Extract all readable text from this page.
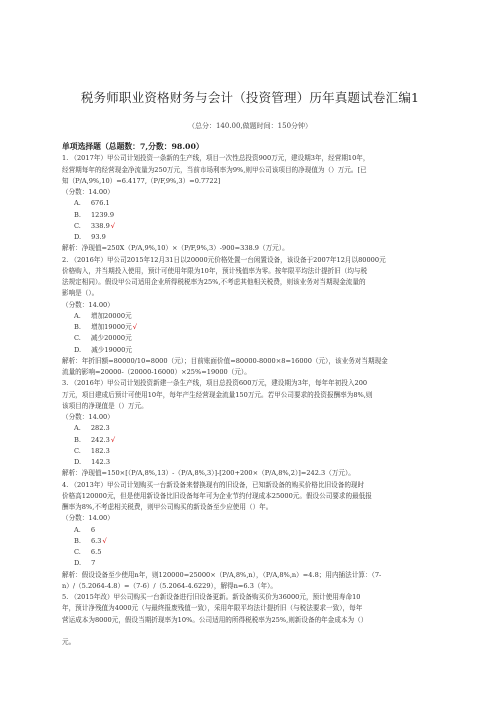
税务师职业资格财务与会计（投资管理）历年真题试卷汇编1
（总分：140.00,做题时间：150分钟）
单项选择题（总题数：7,分数：98.00）
1. （2017年）甲公司计划投资一条新的生产线，项目一次性总投资900万元，建设期3年，经营期10年，
经营期每年的经营现金净流量为250万元，当前市场利率为9%,则甲公司该项目的净现值为（）万元。[已
知（P/A,9%,10）=6.4177,（P/F,9%,3）=0.7722]
（分数：14.00）
A. 676.1
B. 1239.9
C. 338.9√
D. 93.9
解析：净现值=250X（P/A,9%,10）×（P/F,9%,3）-900=338.9（万元）。
2. （2016年）甲公司2015年12月31日以20000元价格处置一台闲置设备，该设备于2007年12月以80000元
价格购入，并当期投入使用，预计可使用年限为10年，预计残值率为零。按年限平均法计提折旧（均与税
法规定相同）。假设甲公司适用企业所得税税率为25%,不考虑其他相关税费，则该业务对当期现金流量的
影响是（）。
（分数：14.00）
A. 增加20000元
B. 增加19000元√
C. 减少20000元
D. 减少19000元
解析：年折旧额=80000/10=8000（元）；目前账面价值=80000-8000×8=16000（元），该业务对当期现金
流量的影响=20000-（20000-16000）×25%=19000（元）。
3. （2016年）甲公司计划投资新建一条生产线，项目总投资600万元，建设期为3年，每年年初投入200
万元，项目建成后预计可使用10年，每年产生经营现金流量150万元。若甲公司要求的投资报酬率为8%,则
该项目的净现值是（）万元。
（分数：14.00）
A. 282.3
B. 242.3√
C. 182.3
D. 142.3
解析：净现值=150×[（P/A,8%,13）-（P/A,8%,3）]-[200+200×（P/A,8%,2）]=242.3（万元）。
4. （2013年）甲公司计划购买一台新设备来替换现有的旧设备，已知新设备的购买价格比旧设备的现时
价格高120000元，但是使用新设备比旧设备每年可为企业节约付现成本25000元。假设公司要求的最低报
酬率为8%,不考虑相关税费，则甲公司购买的新设备至少应使用（）年。
（分数：14.00）
A. 6
B. 6.3√
C. 6.5
D. 7
解析：假设设备至少使用n年，则120000=25000×（P/A,8%,n），（P/A,8%,n）=4.8；用内插法计算：（7-
n）/（5.2064-4.8）=（7-6）/（5.2064-4.6229），解得n=6.3（年）。
5. （2015年改）甲公司购买一台新设备进行旧设备更新。新设备购买价为36000元，预计使用寿命10
年，预计净残值为4000元（与最终报废残值一致），采用年限平均法计提折旧（与税法要求一致），每年
营运成本为8000元，假设当期折现率为10%。公司适用的所得税税率为25%,则新设备的年金成本为（）
元。
